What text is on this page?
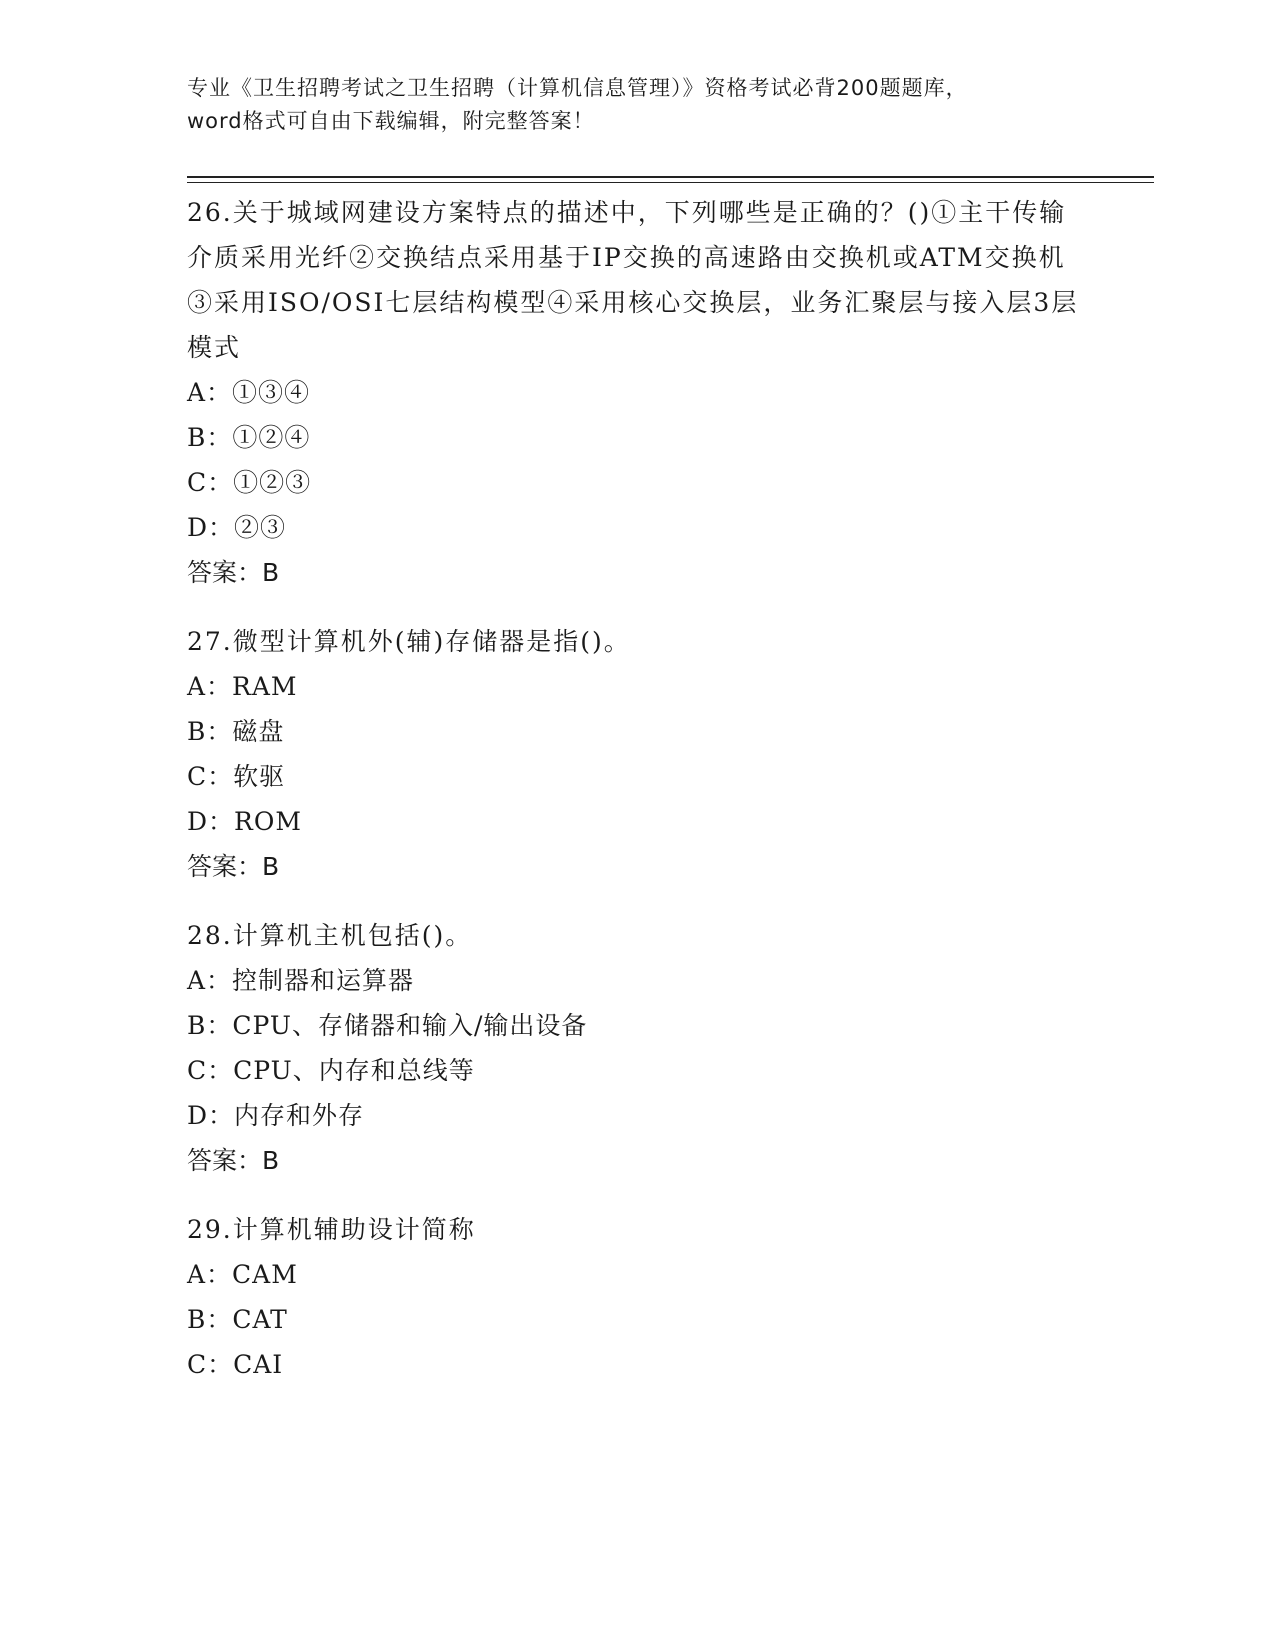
专业《卫生招聘考试之卫生招聘（计算机信息管理）》资格考试必背200题题库，
word格式可自由下载编辑，附完整答案！

26.关于城域网建设方案特点的描述中，下列哪些是正确的？()①主干传输介质采用光纤②交换结点采用基于IP交换的高速路由交换机或ATM交换机③采用ISO/OSI七层结构模型④采用核心交换层，业务汇聚层与接入层3层模式

A：①③④

B：①②④

C：①②③

D：②③

答案：B

27.微型计算机外(辅)存储器是指()。

A：RAM

B：磁盘

C：软驱

D：ROM

答案：B

28.计算机主机包括()。

A：控制器和运算器

B：CPU、存储器和输入/输出设备

C：CPU、内存和总线等

D：内存和外存

答案：B

29.计算机辅助设计简称

A：CAM

B：CAT

C：CAI
